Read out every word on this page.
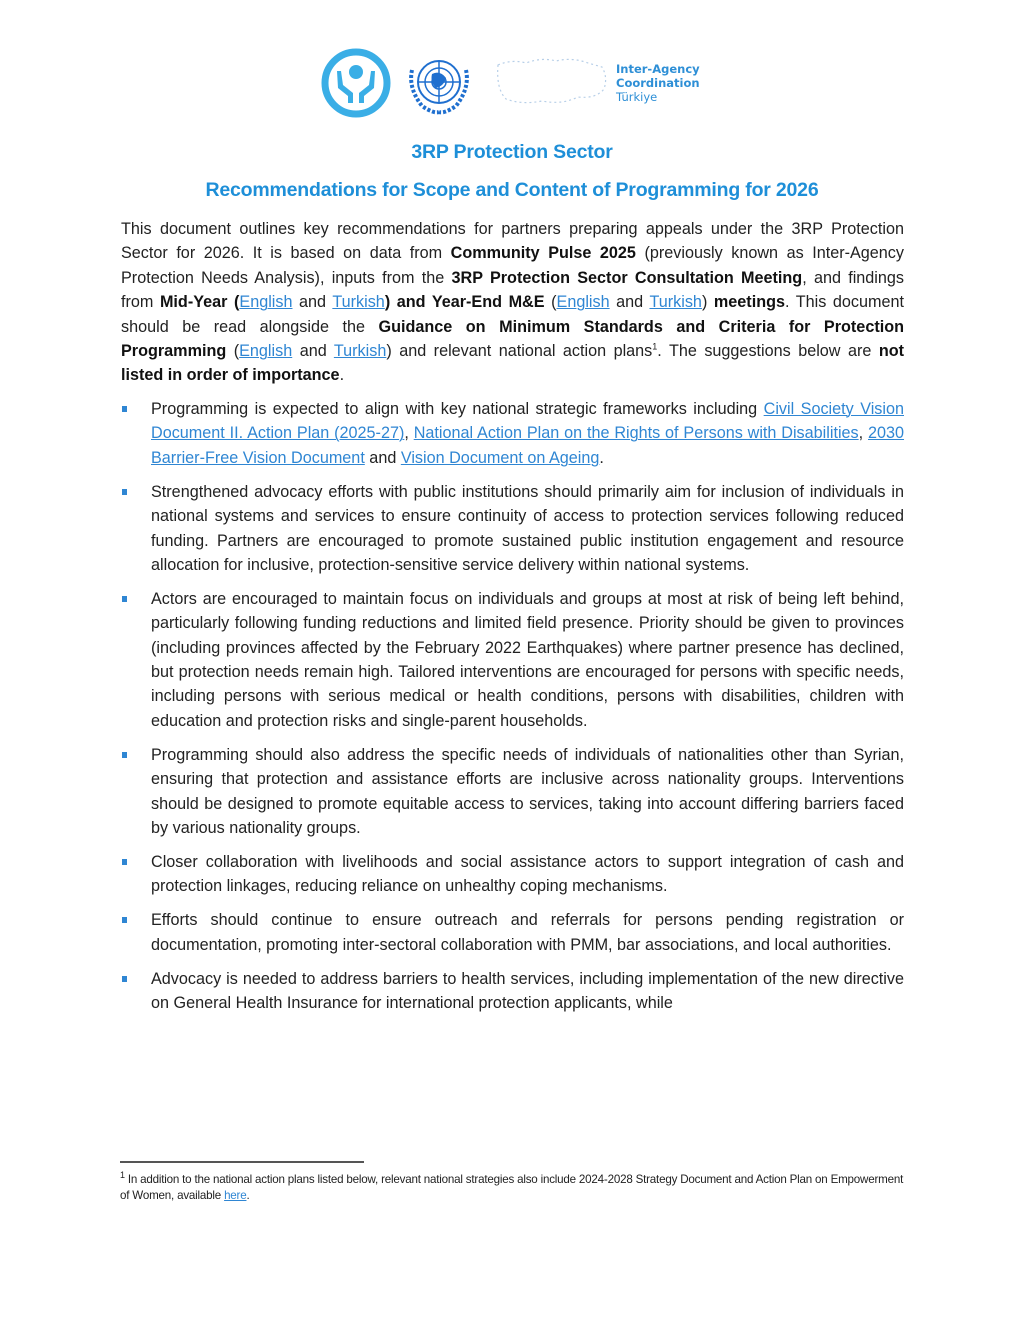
Inter-Agency
Coordination
Türkiye
3RP Protection Sector
Recommendations for Scope and Content of Programming for 2026

This document outlines key recommendations for partners preparing appeals under the 3RP Protection Sector for 2026. It is based on data from Community Pulse 2025 (previously known as Inter-Agency Protection Needs Analysis), inputs from the 3RP Protection Sector Consultation Meeting, and findings from Mid-Year (English and Turkish) and Year-End M&E (English and Turkish) meetings. This document should be read alongside the Guidance on Minimum Standards and Criteria for Protection Programming (English and Turkish) and relevant national action plans$^1$. The suggestions below are not listed in order of importance.

Programming is expected to align with key national strategic frameworks including Civil Society Vision Document II. Action Plan (2025-27), National Action Plan on the Rights of Persons with Disabilities, 2030 Barrier-Free Vision Document and Vision Document on Ageing.
Strengthened advocacy efforts with public institutions should primarily aim for inclusion of individuals in national systems and services to ensure continuity of access to protection services following reduced funding. Partners are encouraged to promote sustained public institution engagement and resource allocation for inclusive, protection-sensitive service delivery within national systems.
Actors are encouraged to maintain focus on individuals and groups at most at risk of being left behind, particularly following funding reductions and limited field presence. Priority should be given to provinces (including provinces affected by the February 2022 Earthquakes) where partner presence has declined, but protection needs remain high. Tailored interventions are encouraged for persons with specific needs, including persons with serious medical or health conditions, persons with disabilities, children with education and protection risks and single-parent households.
Programming should also address the specific needs of individuals of nationalities other than Syrian, ensuring that protection and assistance efforts are inclusive across nationality groups. Interventions should be designed to promote equitable access to services, taking into account differing barriers faced by various nationality groups.
Closer collaboration with livelihoods and social assistance actors to support integration of cash and protection linkages, reducing reliance on unhealthy coping mechanisms.
Efforts should continue to ensure outreach and referrals for persons pending registration or documentation, promoting inter-sectoral collaboration with PMM, bar associations, and local authorities.
Advocacy is needed to address barriers to health services, including implementation of the new directive on General Health Insurance for international protection applicants, while
$^1$ In addition to the national action plans listed below, relevant national strategies also include 2024-2028 Strategy Document and Action Plan on Empowerment of Women, available here.
